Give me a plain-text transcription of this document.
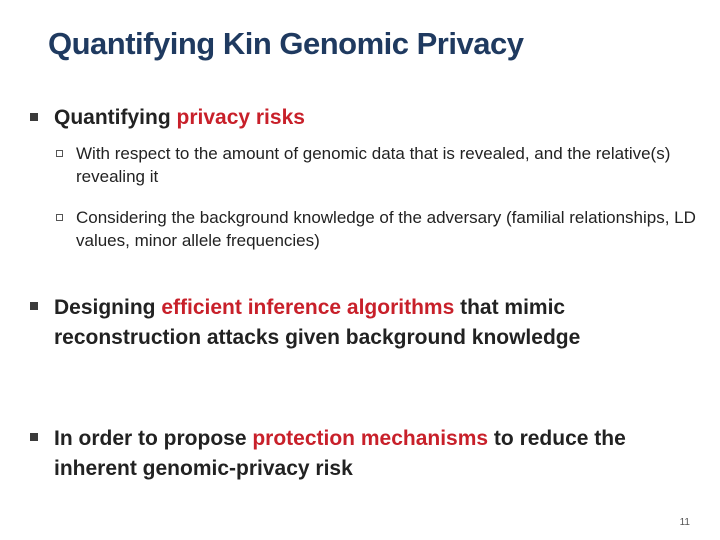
Quantifying Kin Genomic Privacy
Quantifying privacy risks
With respect to the amount of genomic data that is revealed, and the relative(s) revealing it
Considering the background knowledge of the adversary (familial relationships, LD values, minor allele frequencies)
Designing efficient inference algorithms that mimic reconstruction attacks given background knowledge
In order to propose protection mechanisms to reduce the inherent genomic-privacy risk
11
